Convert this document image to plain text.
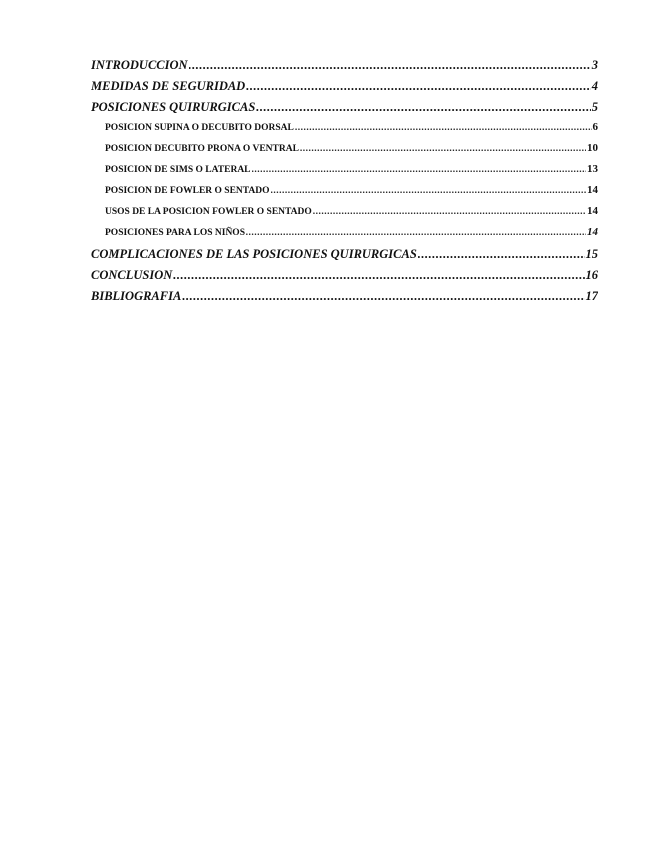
INTRODUCCION .....	3
MEDIDAS DE SEGURIDAD .....	4
POSICIONES QUIRURGICAS .....	5
POSICION SUPINA O DECUBITO DORSAL .....	6
POSICION DECUBITO PRONA O VENTRAL .....	10
POSICION DE SIMS O LATERAL .....	13
POSICION DE FOWLER O SENTADO .....	14
USOS DE LA POSICION FOWLER O SENTADO .....	14
POSICIONES PARA LOS NIÑOS .....	14
COMPLICACIONES DE LAS POSICIONES QUIRURGICAS .....	15
CONCLUSION .....	16
BIBLIOGRAFIA .....	17
